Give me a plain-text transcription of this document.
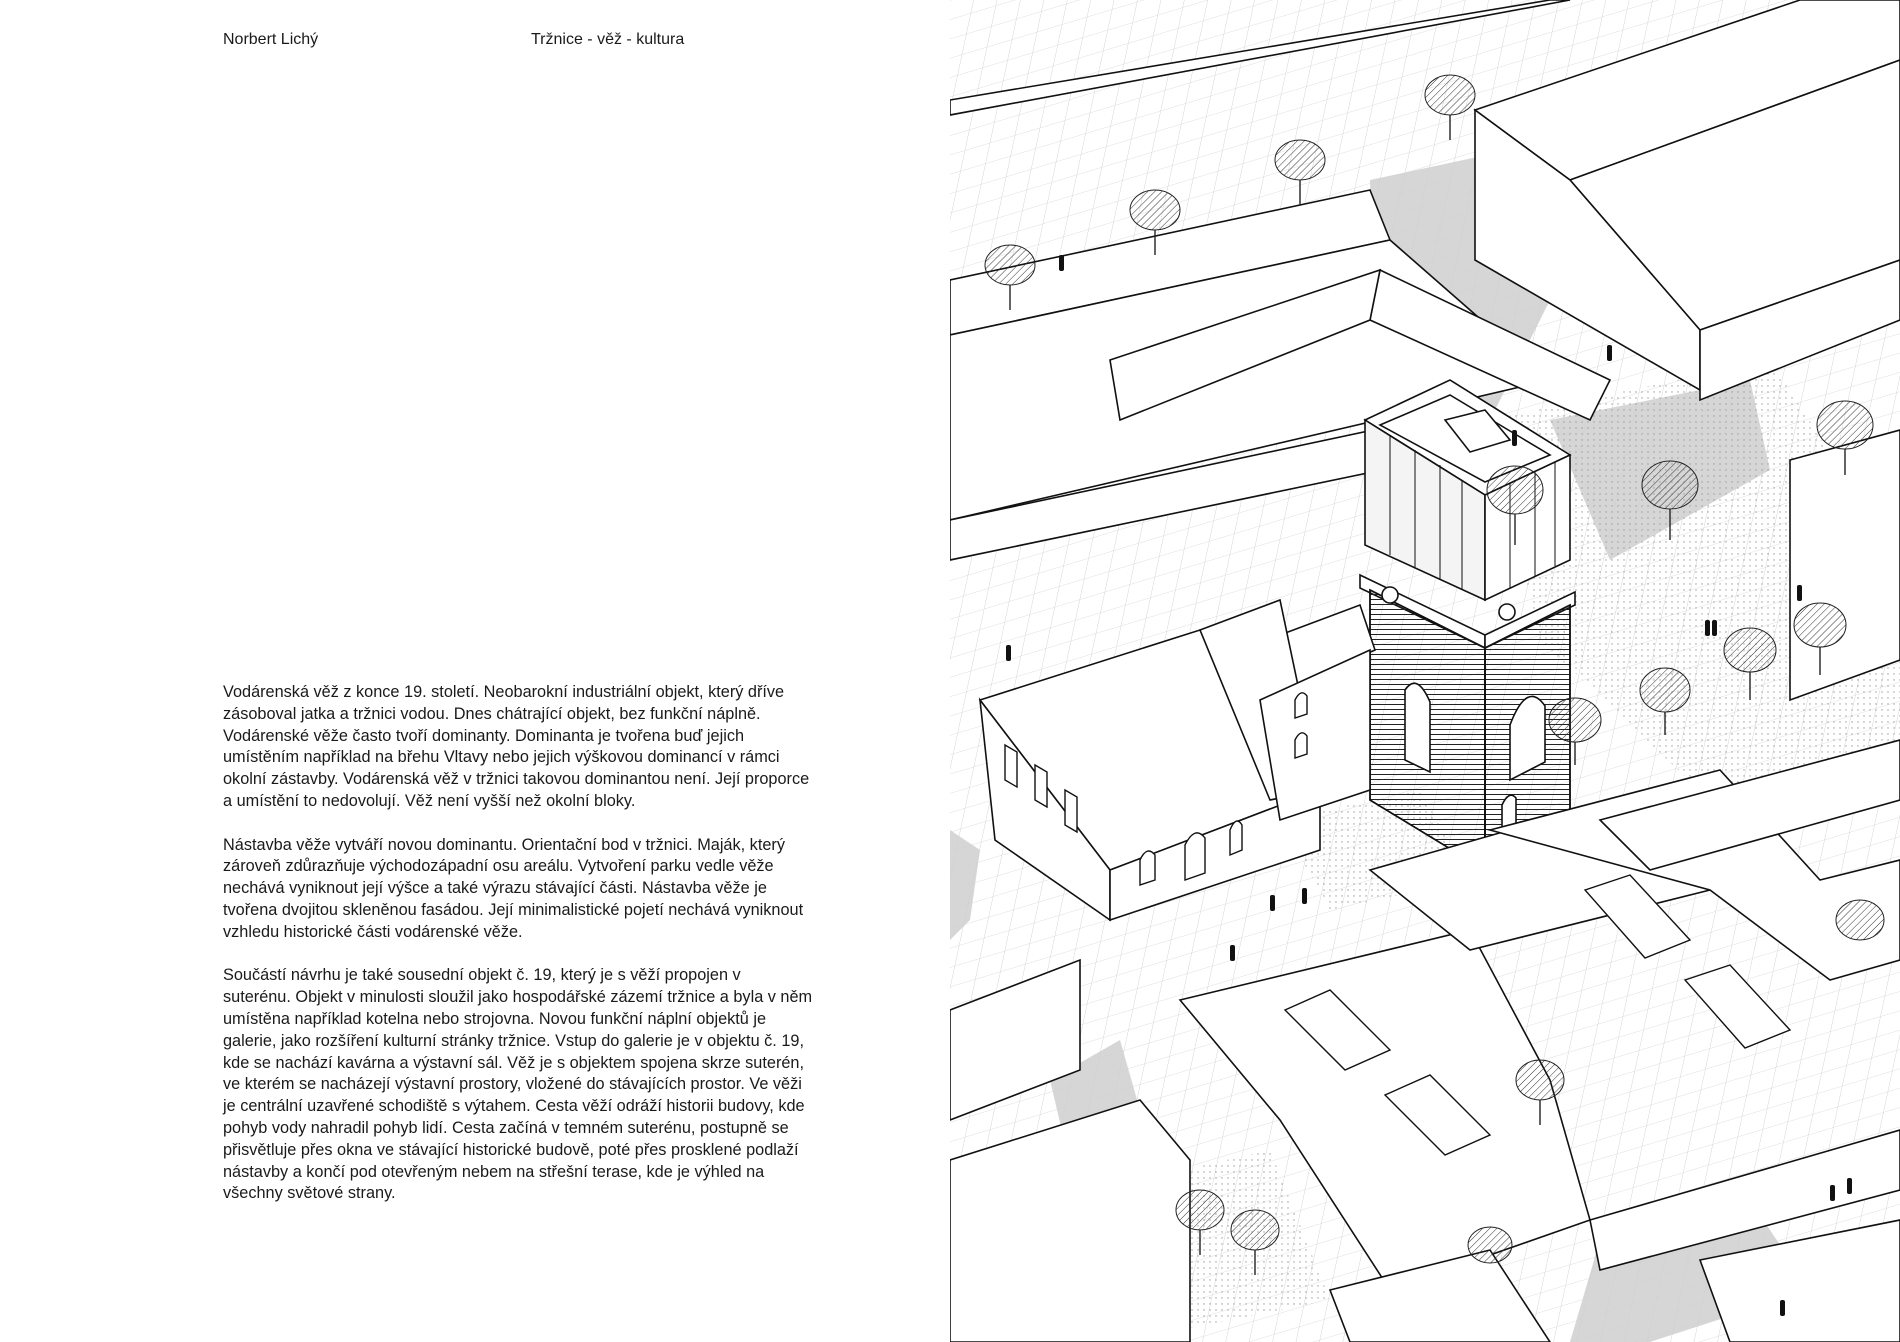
Norbert Lichý	Tržnice - věž - kultura

Vodárenská věž z konce 19. století. Neobarokní industriální objekt, který dříve zásoboval jatka a tržnici vodou. Dnes chátrající objekt, bez funkční náplně. Vodárenské věže často tvoří dominanty. Dominanta je tvořena buď jejich umístěním například na břehu Vltavy nebo jejich výškovou dominancí v rámci okolní zástavby. Vodárenská věž v tržnici takovou dominantou není. Její proporce a umístění to nedovolují. Věž není vyšší než okolní bloky.

Nástavba věže vytváří novou dominantu. Orientační bod v tržnici. Maják, který zároveň zdůrazňuje východozápadní osu areálu. Vytvoření parku vedle věže nechává vyniknout její výšce a také výrazu stávající části. Nástavba věže je tvořena dvojitou skleněnou fasádou. Její minimalistické pojetí nechává vyniknout vzhledu historické části vodárenské věže.

Součástí návrhu je také sousední objekt č. 19, který je s věží propojen v suterénu. Objekt v minulosti sloužil jako hospodářské zázemí tržnice a byla v něm umístěna například kotelna nebo strojovna. Novou funkční náplní objektů je galerie, jako rozšíření kulturní stránky tržnice. Vstup do galerie je v objektu č. 19, kde se nachází kavárna a výstavní sál. Věž je s objektem spojena skrze suterén, ve kterém se nacházejí výstavní prostory, vložené do stávajících prostor. Ve věži je centrální uzavřené schodiště s výtahem. Cesta věží odráží historii budovy, kde pohyb vody nahradil pohyb lidí. Cesta začíná v temném suterénu, postupně se přisvětluje přes okna ve stávající historické budově, poté přes prosklené podlaží nástavby a končí pod otevřeným nebem na střešní terase, kde je výhled na všechny světové strany.
